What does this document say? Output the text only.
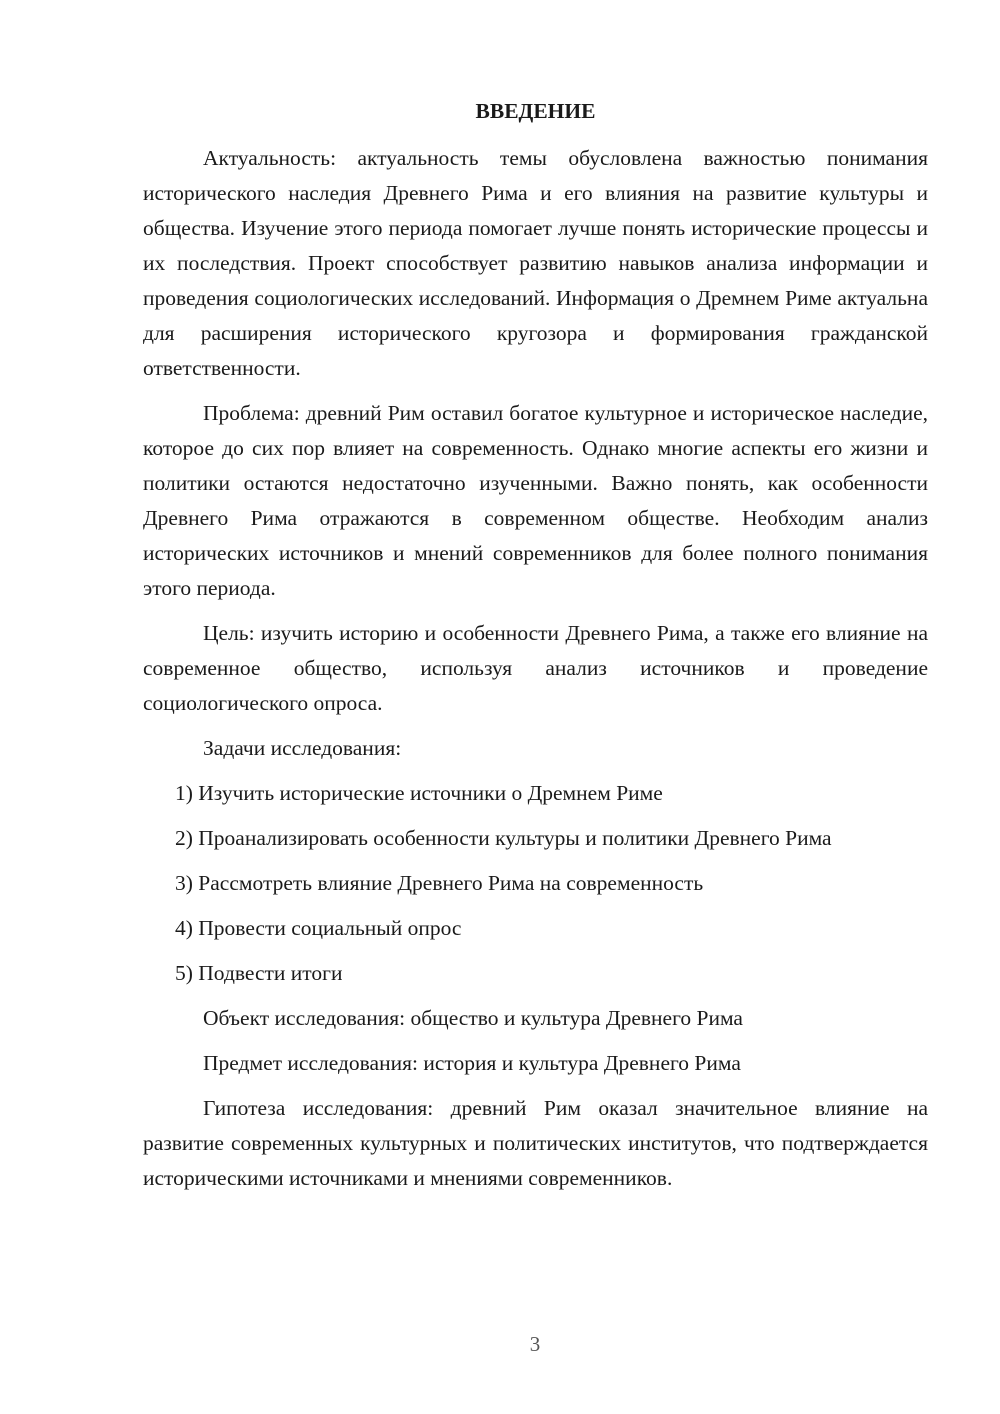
ВВЕДЕНИЕ

Актуальность: актуальность темы обусловлена важностью понимания исторического наследия Древнего Рима и его влияния на развитие культуры и общества. Изучение этого периода помогает лучше понять исторические процессы и их последствия. Проект способствует развитию навыков анализа информации и проведения социологических исследований. Информация о Дремнем Риме актуальна для расширения исторического кругозора и формирования гражданской ответственности.

Проблема: древний Рим оставил богатое культурное и историческое наследие, которое до сих пор влияет на современность. Однако многие аспекты его жизни и политики остаются недостаточно изученными. Важно понять, как особенности Древнего Рима отражаются в современном обществе. Необходим анализ исторических источников и мнений современников для более полного понимания этого периода.

Цель: изучить историю и особенности Древнего Рима, а также его влияние на современное общество, используя анализ источников и проведение социологического опроса.

Задачи исследования:

1) Изучить исторические источники о Дремнем Риме
2) Проанализировать особенности культуры и политики Древнего Рима
3) Рассмотреть влияние Древнего Рима на современность
4) Провести социальный опрос
5) Подвести итоги

Объект исследования: общество и культура Древнего Рима

Предмет исследования: история и культура Древнего Рима

Гипотеза исследования: древний Рим оказал значительное влияние на развитие современных культурных и политических институтов, что подтверждается историческими источниками и мнениями современников.

3
